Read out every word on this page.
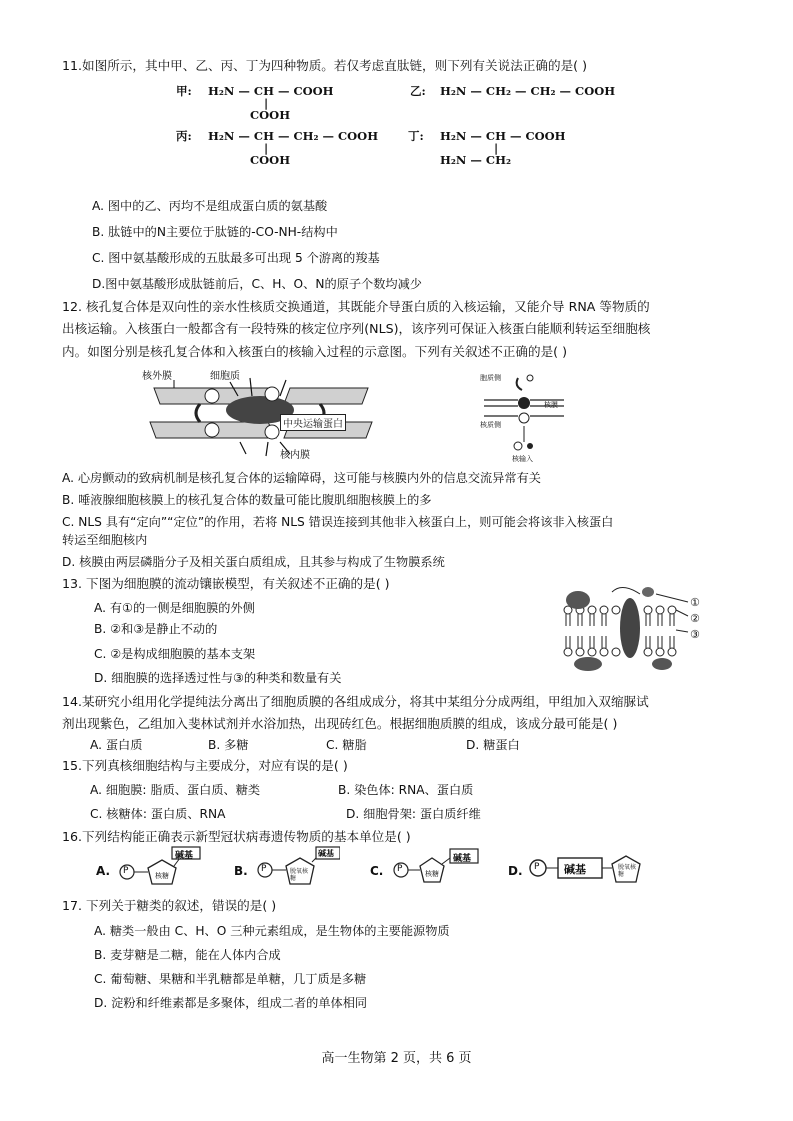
11.如图所示，其中甲、乙、丙、丁为四种物质。若仅考虑直肽链，则下列有关说法正确的是( )
甲: H₂N — CH — COOH
|
COOH
乙: H₂N — CH₂ — CH₂ — COOH
丙: H₂N — CH — CH₂ — COOH
|
COOH
丁: H₂N — CH — COOH
|
H₂N — CH₂
A. 图中的乙、丙均不是组成蛋白质的氨基酸
B. 肽链中的N主要位于肽链的-CO-NH-结构中
C. 图中氨基酸形成的五肽最多可出现 5 个游离的羧基
D.图中氨基酸形成肽链前后，C、H、O、N的原子个数均减少
12. 核孔复合体是双向性的亲水性核质交换通道，其既能介导蛋白质的入核运输，又能介导 RNA 等物质的
出核运输。入核蛋白一般都含有一段特殊的核定位序列(NLS)，该序列可保证入核蛋白能顺利转运至细胞核
内。如图分别是核孔复合体和入核蛋白的核输入过程的示意图。下列有关叙述不正确的是( )
核外膜	细胞质
中央运输蛋白
核内膜
胞质侧
核膜
核质侧
核输入
A. 心房颤动的致病机制是核孔复合体的运输障碍，这可能与核膜内外的信息交流异常有关
B. 唾液腺细胞核膜上的核孔复合体的数量可能比腹肌细胞核膜上的多
C. NLS 具有“定向”“定位”的作用，若将 NLS 错误连接到其他非入核蛋白上，则可能会将该非入核蛋白
转运至细胞核内
D. 核膜由两层磷脂分子及相关蛋白质组成，且其参与构成了生物膜系统
13. 下图为细胞膜的流动镶嵌模型，有关叙述不正确的是( )
A. 有①的一侧是细胞膜的外侧
B. ②和③是静止不动的
C. ②是构成细胞膜的基本支架
D. 细胞膜的选择透过性与③的种类和数量有关
①
②
③
14.某研究小组用化学提纯法分离出了细胞质膜的各组成成分，将其中某组分分成两组，甲组加入双缩脲试
剂出现紫色，乙组加入斐林试剂并水浴加热，出现砖红色。根据细胞质膜的组成，该成分最可能是( )
A. 蛋白质	B. 多糖	C. 糖脂	D. 糖蛋白
15.下列真核细胞结构与主要成分，对应有误的是( )
A. 细胞膜: 脂质、蛋白质、糖类	B. 染色体: RNA、蛋白质
C. 核糖体: 蛋白质、RNA	D. 细胞骨架: 蛋白质纤维
16.下列结构能正确表示新型冠状病毒遗传物质的基本单位是( )
A. P
碱基
核糖	B. P
碱基
脱氧核糖
C. P
碱基
核糖	D. P 碱基	脱氧核糖
17. 下列关于糖类的叙述，错误的是( )
A. 糖类一般由 C、H、O 三种元素组成，是生物体的主要能源物质
B. 麦芽糖是二糖，能在人体内合成
C. 葡萄糖、果糖和半乳糖都是单糖，几丁质是多糖
D. 淀粉和纤维素都是多聚体，组成二者的单体相同
高一生物第 2 页，共 6 页
